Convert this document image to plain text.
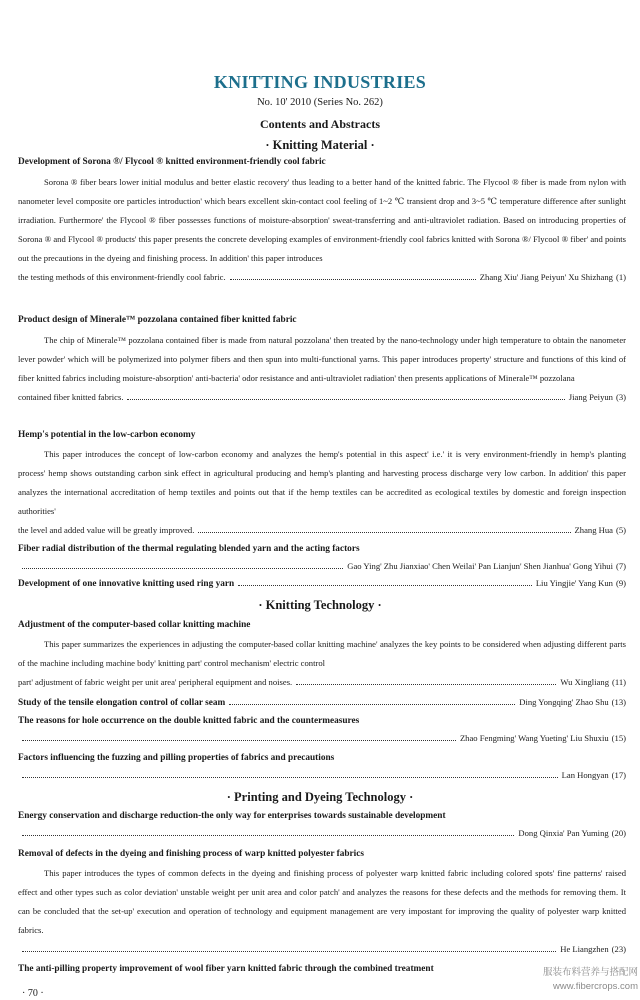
KNITTING INDUSTRIES
No. 10' 2010 (Series No. 262)
Contents and Abstracts
· Knitting Material ·
Development of Sorona ®/ Flycool ® knitted environment-friendly cool fabric
Sorona ® fiber bears lower initial modulus and better elastic recovery' thus leading to a better hand of the knitted fabric. The Flycool ® fiber is made from nylon with nanometer level composite ore particles introduction' which bears excellent skin-contact cool feeling of 1~2 ℃ transient drop and 3~5 ℃ temperature difference after sunlight irradiation. Furthermore' the Flycool ® fiber possesses functions of moisture-absorption' sweat-transferring and anti-ultraviolet radiation. Based on introducing properties of Sorona ® and Flycool ® products' this paper presents the concrete developing examples of environment-friendly cool fabrics knitted with Sorona ®/ Flycool ® fiber' and points out the precautions in the dyeing and finishing process. In addition' this paper introduces
the testing methods of this environment-friendly cool fabric.	Zhang Xiu' Jiang Peiyun' Xu Shizhang (1)
Product design of Minerale™ pozzolana contained fiber knitted fabric
The chip of Minerale™ pozzolana contained fiber is made from natural pozzolana' then treated by the nano-technology under high temperature to obtain the nanometer lever powder' which will be polymerized into polymer fibers and then spun into multi-functional yarns. This paper introduces property' structure and functions of this kind of fiber knitted fabrics including moisture-absorption' anti-bacteria' odor resistance and anti-ultraviolet radiation' then presents applications of Minerale™ pozzolana
contained fiber knitted fabrics.	Jiang Peiyun (3)
Hemp's potential in the low-carbon economy
This paper introduces the concept of low-carbon economy and analyzes the hemp's potential in this aspect' i.e.' it is very environment-friendly in hemp's planting process' hemp shows outstanding carbon sink effect in agricultural producing and hemp's planting and harvesting process discharge very low carbon. In addition' this paper analyzes the international accreditation of hemp textiles and points out that if the hemp textiles can be accredited as ecological textiles by domestic and foreign inspection authorities'
the level and added value will be greatly improved.	Zhang Hua (5)
Fiber radial distribution of the thermal regulating blended yarn and the acting factors
Gao Ying' Zhu Jianxiao' Chen Weilai' Pan Lianjun' Shen Jianhua' Gong Yihui (7)
Development of one innovative knitting used ring yarn	Liu Yingjie' Yang Kun (9)
· Knitting Technology ·
Adjustment of the computer-based collar knitting machine
This paper summarizes the experiences in adjusting the computer-based collar knitting machine' analyzes the key points to be considered when adjusting different parts of the machine including machine body' knitting part' control mechanism' electric control
part' adjustment of fabric weight per unit area' peripheral equipment and noises.	Wu Xingliang (11)
Study of the tensile elongation control of collar seam	Ding Yongqing' Zhao Shu (13)
The reasons for hole occurrence on the double knitted fabric and the countermeasures
Zhao Fengming' Wang Yueting' Liu Shuxiu (15)
Factors influencing the fuzzing and pilling properties of fabrics and precautions
Lan Hongyan (17)
· Printing and Dyeing Technology ·
Energy conservation and discharge reduction-the only way for enterprises towards sustainable development
Dong Qinxia' Pan Yuming (20)
Removal of defects in the dyeing and finishing process of warp knitted polyester fabrics
This paper introduces the types of common defects in the dyeing and finishing process of polyester warp knitted fabric including colored spots' fine patterns' raised effect and other types such as color deviation' unstable weight per unit area and color patch' and analyzes the reasons for these defects and the methods for removing them. It can be concluded that the set-up' execution and operation of technology and equipment management are very impostant for improving the quality of polyester warp knitted fabrics.
He Liangzhen (23)
The anti-pilling property improvement of wool fiber yarn knitted fabric through the combined treatment
· 70 ·
服装布料营养与搭配网
www.fibercrops.com
